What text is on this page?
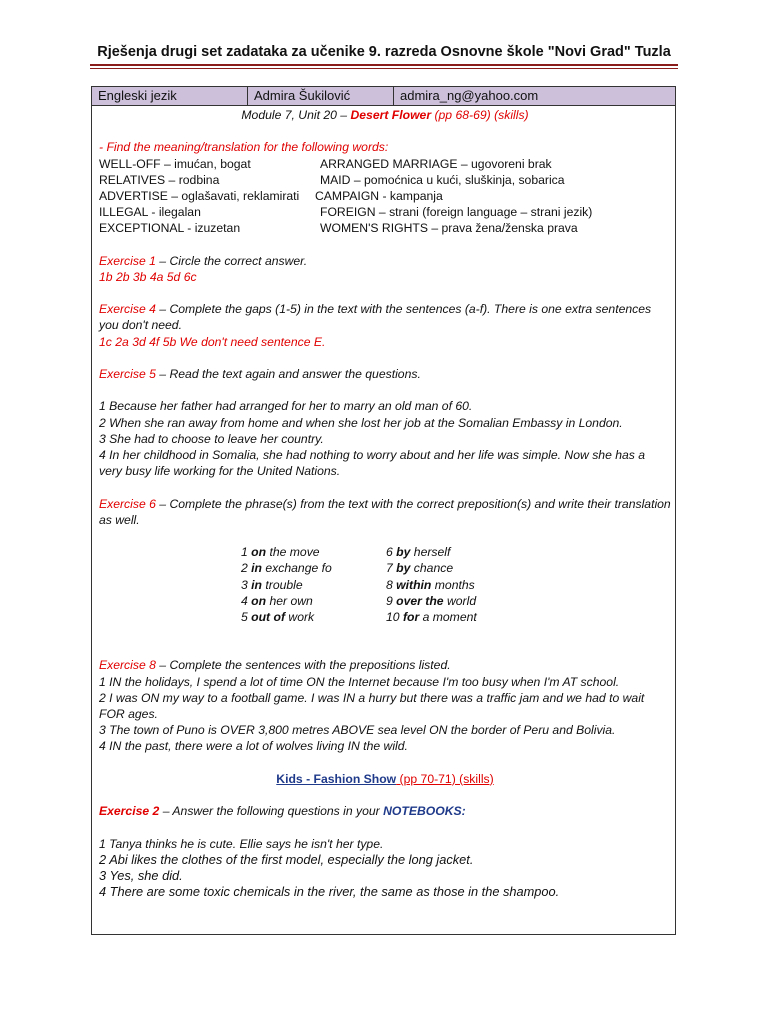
Rješenja drugi set zadataka za učenike 9. razreda Osnovne škole "Novi Grad" Tuzla
Engleski jezik	Admira Šukilović	admira_ng@yahoo.com
Module 7, Unit 20 – Desert Flower (pp 68-69) (skills)
- Find the meaning/translation for the following words:
WELL-OFF – imućan, bogat	ARRANGED MARRIAGE – ugovoreni brak
RELATIVES – rodbina	MAID – pomoćnica u kući, sluškinja, sobarica
ADVERTISE – oglašavati, reklamirati CAMPAIGN - kampanja
ILLEGAL - ilegalan	FOREIGN – strani (foreign language – strani jezik)
EXCEPTIONAL - izuzetan	WOMEN'S RIGHTS – prava žena/ženska prava
Exercise 1 – Circle the correct answer.
1b 2b 3b 4a 5d 6c
Exercise 4 – Complete the gaps (1-5) in the text with the sentences (a-f). There is one extra sentences you don't need.
1c 2a 3d 4f 5b We don't need sentence E.
Exercise 5 – Read the text again and answer the questions.
1 Because her father had arranged for her to marry an old man of 60.
2 When she ran away from home and when she lost her job at the Somalian Embassy in London.
3 She had to choose to leave her country.
4 In her childhood in Somalia, she had nothing to worry about and her life was simple. Now she has a very busy life working for the United Nations.
Exercise 6 – Complete the phrase(s) from the text with the correct preposition(s) and write their translation as well.
1 on the move	6 by herself
2 in exchange fo	7 by chance
3 in trouble	8 within months
4 on her own	9 over the world
5 out of work	10 for a moment
Exercise 8 – Complete the sentences with the prepositions listed.
1 IN the holidays, I spend a lot of time ON the Internet because I'm too busy when I'm AT school.
2 I was ON my way to a football game. I was IN a hurry but there was a traffic jam and we had to wait FOR ages.
3 The town of Puno is OVER 3,800 metres ABOVE sea level ON the border of Peru and Bolivia.
4 IN the past, there were a lot of wolves living IN the wild.
Kids - Fashion Show (pp 70-71) (skills)
Exercise 2 – Answer the following questions in your NOTEBOOKS:
1 Tanya thinks he is cute. Ellie says he isn't her type.
2 Abi likes the clothes of the first model, especially the long jacket.
3 Yes, she did.
4 There are some toxic chemicals in the river, the same as those in the shampoo.
